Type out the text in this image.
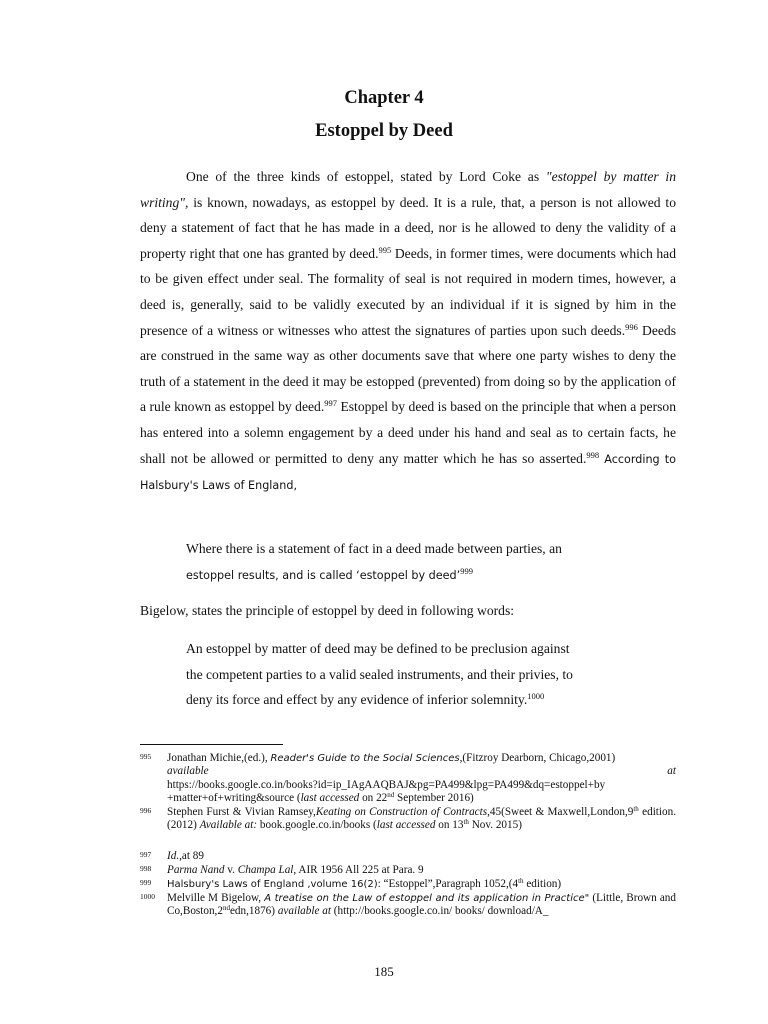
Chapter 4
Estoppel by Deed

One of the three kinds of estoppel, stated by Lord Coke as "estoppel by matter in writing", is known, nowadays, as estoppel by deed. It is a rule, that, a person is not allowed to deny a statement of fact that he has made in a deed, nor is he allowed to deny the validity of a property right that one has granted by deed.$^{995}$ Deeds, in former times, were documents which had to be given effect under seal. The formality of seal is not required in modern times, however, a deed is, generally, said to be validly executed by an individual if it is signed by him in the presence of a witness or witnesses who attest the signatures of parties upon such deeds.$^{996}$ Deeds are construed in the same way as other documents save that where one party wishes to deny the truth of a statement in the deed it may be estopped (prevented) from doing so by the application of a rule known as estoppel by deed.$^{997}$ Estoppel by deed is based on the principle that when a person has entered into a solemn engagement by a deed under his hand and seal as to certain facts, he shall not be allowed or permitted to deny any matter which he has so asserted.$^{998}$ According to Halsbury's Laws of England,

Where there is a statement of fact in a deed made between parties, an
estoppel results, and is called ‘estoppel by deed’$^{999}$
Bigelow, states the principle of estoppel by deed in following words:
An estoppel by matter of deed may be defined to be preclusion against
the competent parties to a valid sealed instruments, and their privies, to
deny its force and effect by any evidence of inferior solemnity.$^{1000}$
995	Jonathan Michie,(ed.), Reader's Guide to the Social Sciences,(Fitzroy Dearborn, Chicago,2001)
available	at
https://books.google.co.in/books?id=ip_IAgAAQBAJ&pg=PA499&lpg=PA499&dq=estoppel+by +matter+of+writing&source (last accessed on 22nd September 2016)
996	Stephen Furst & Vivian Ramsey,Keating on Construction of Contracts,45(Sweet & Maxwell,London,9th edition.(2012) Available at: book.google.co.in/books (last accessed on 13th Nov. 2015)
997	Id.,at 89
998	Parma Nand v. Champa Lal, AIR 1956 All 225 at Para. 9
999	Halsbury's Laws of England ,volume 16(2): “Estoppel”,Paragraph 1052,(4th edition)
1000	Melville M Bigelow, A treatise on the Law of estoppel and its application in Practice" (Little, Brown and Co,Boston,2ndedn,1876) available at (http://books.google.co.in/ books/ download/A_
185
